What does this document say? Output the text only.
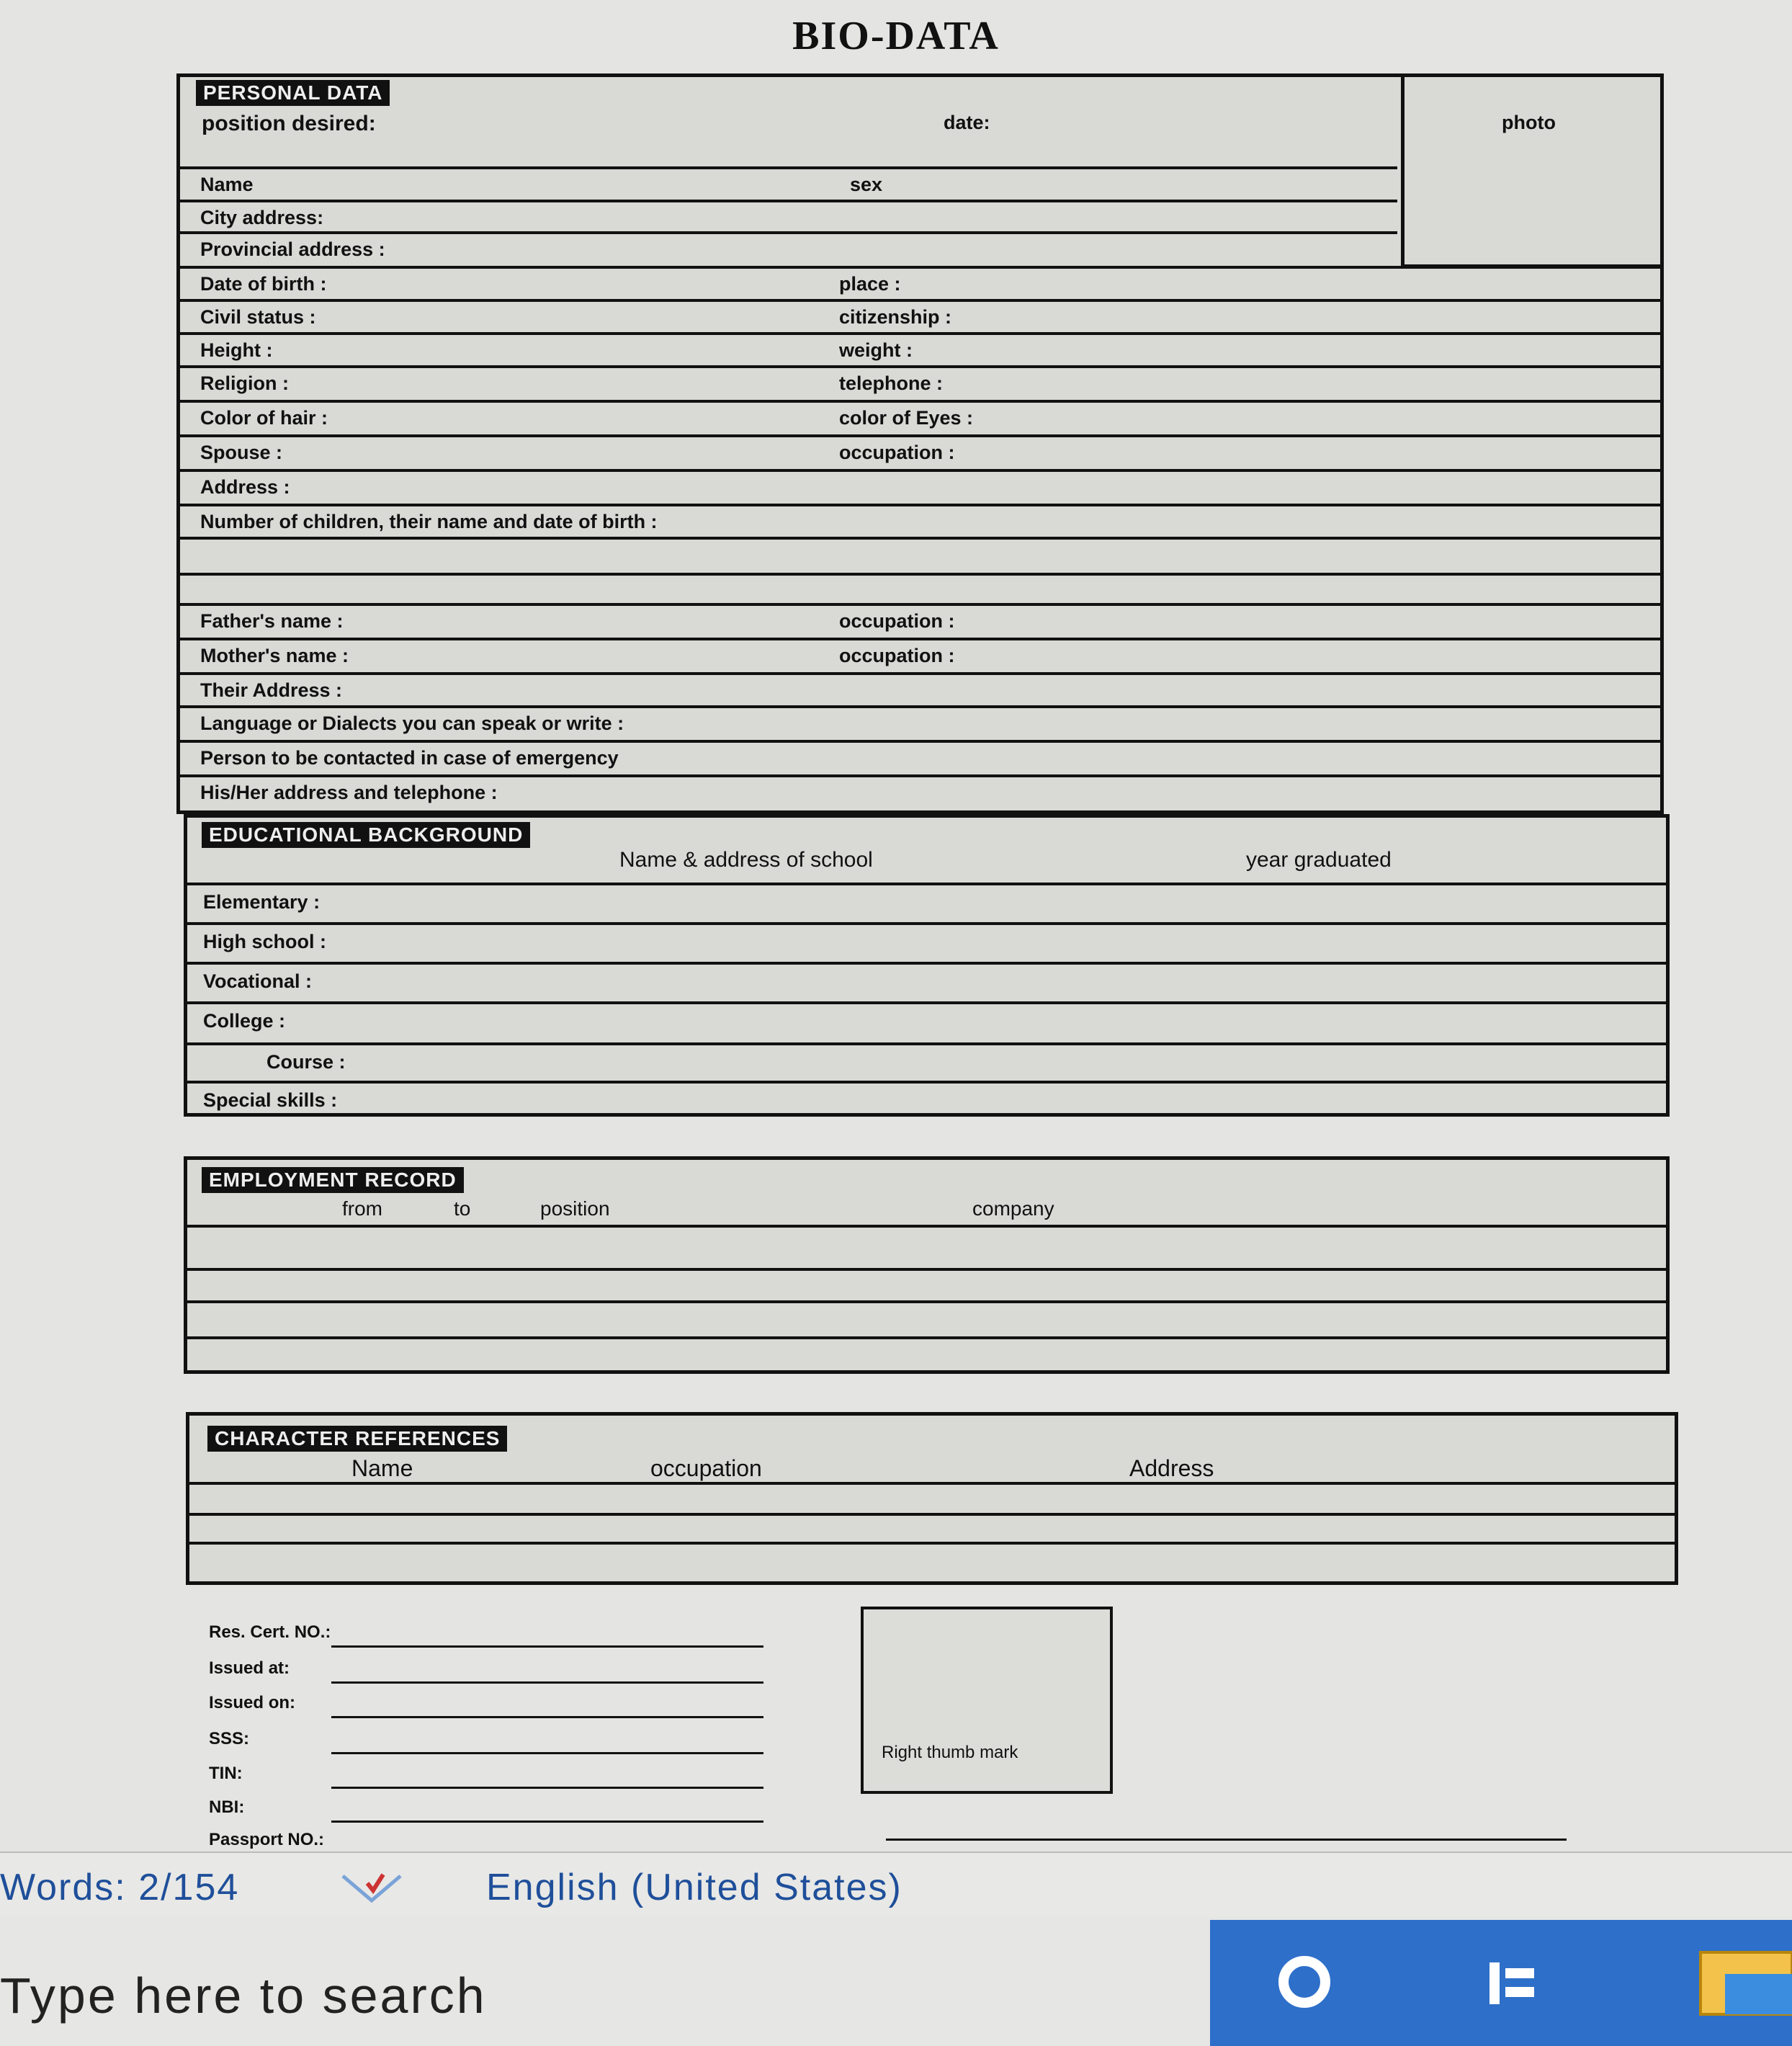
BIO-DATA
PERSONAL DATA
position desired:	date:	photo
Name	sex
City address:
Provincial address :
Date of birth :	place :
Civil status :	citizenship :
Height :	weight :
Religion :	telephone :
Color of hair :	color of Eyes :
Spouse :	occupation :
Address :
Number of children, their name and date of birth :
Father's name :	occupation :
Mother's name :	occupation :
Their Address :
Language or Dialects you can speak or write :
Person to be contacted in case of emergency
His/Her address and telephone :
EDUCATIONAL BACKGROUND
Name & address of school	year graduated
Elementary :
High school :
Vocational :
College :
Course :
Special skills :
EMPLOYMENT RECORD
from	to	position	company
CHARACTER REFERENCES
Name	occupation	Address
Res. Cert. NO.:
Issued at:
Issued on:
SSS:
TIN:
NBI:
Passport NO.:
Right thumb mark
Words: 2/154	English (United States)
Type here to search
